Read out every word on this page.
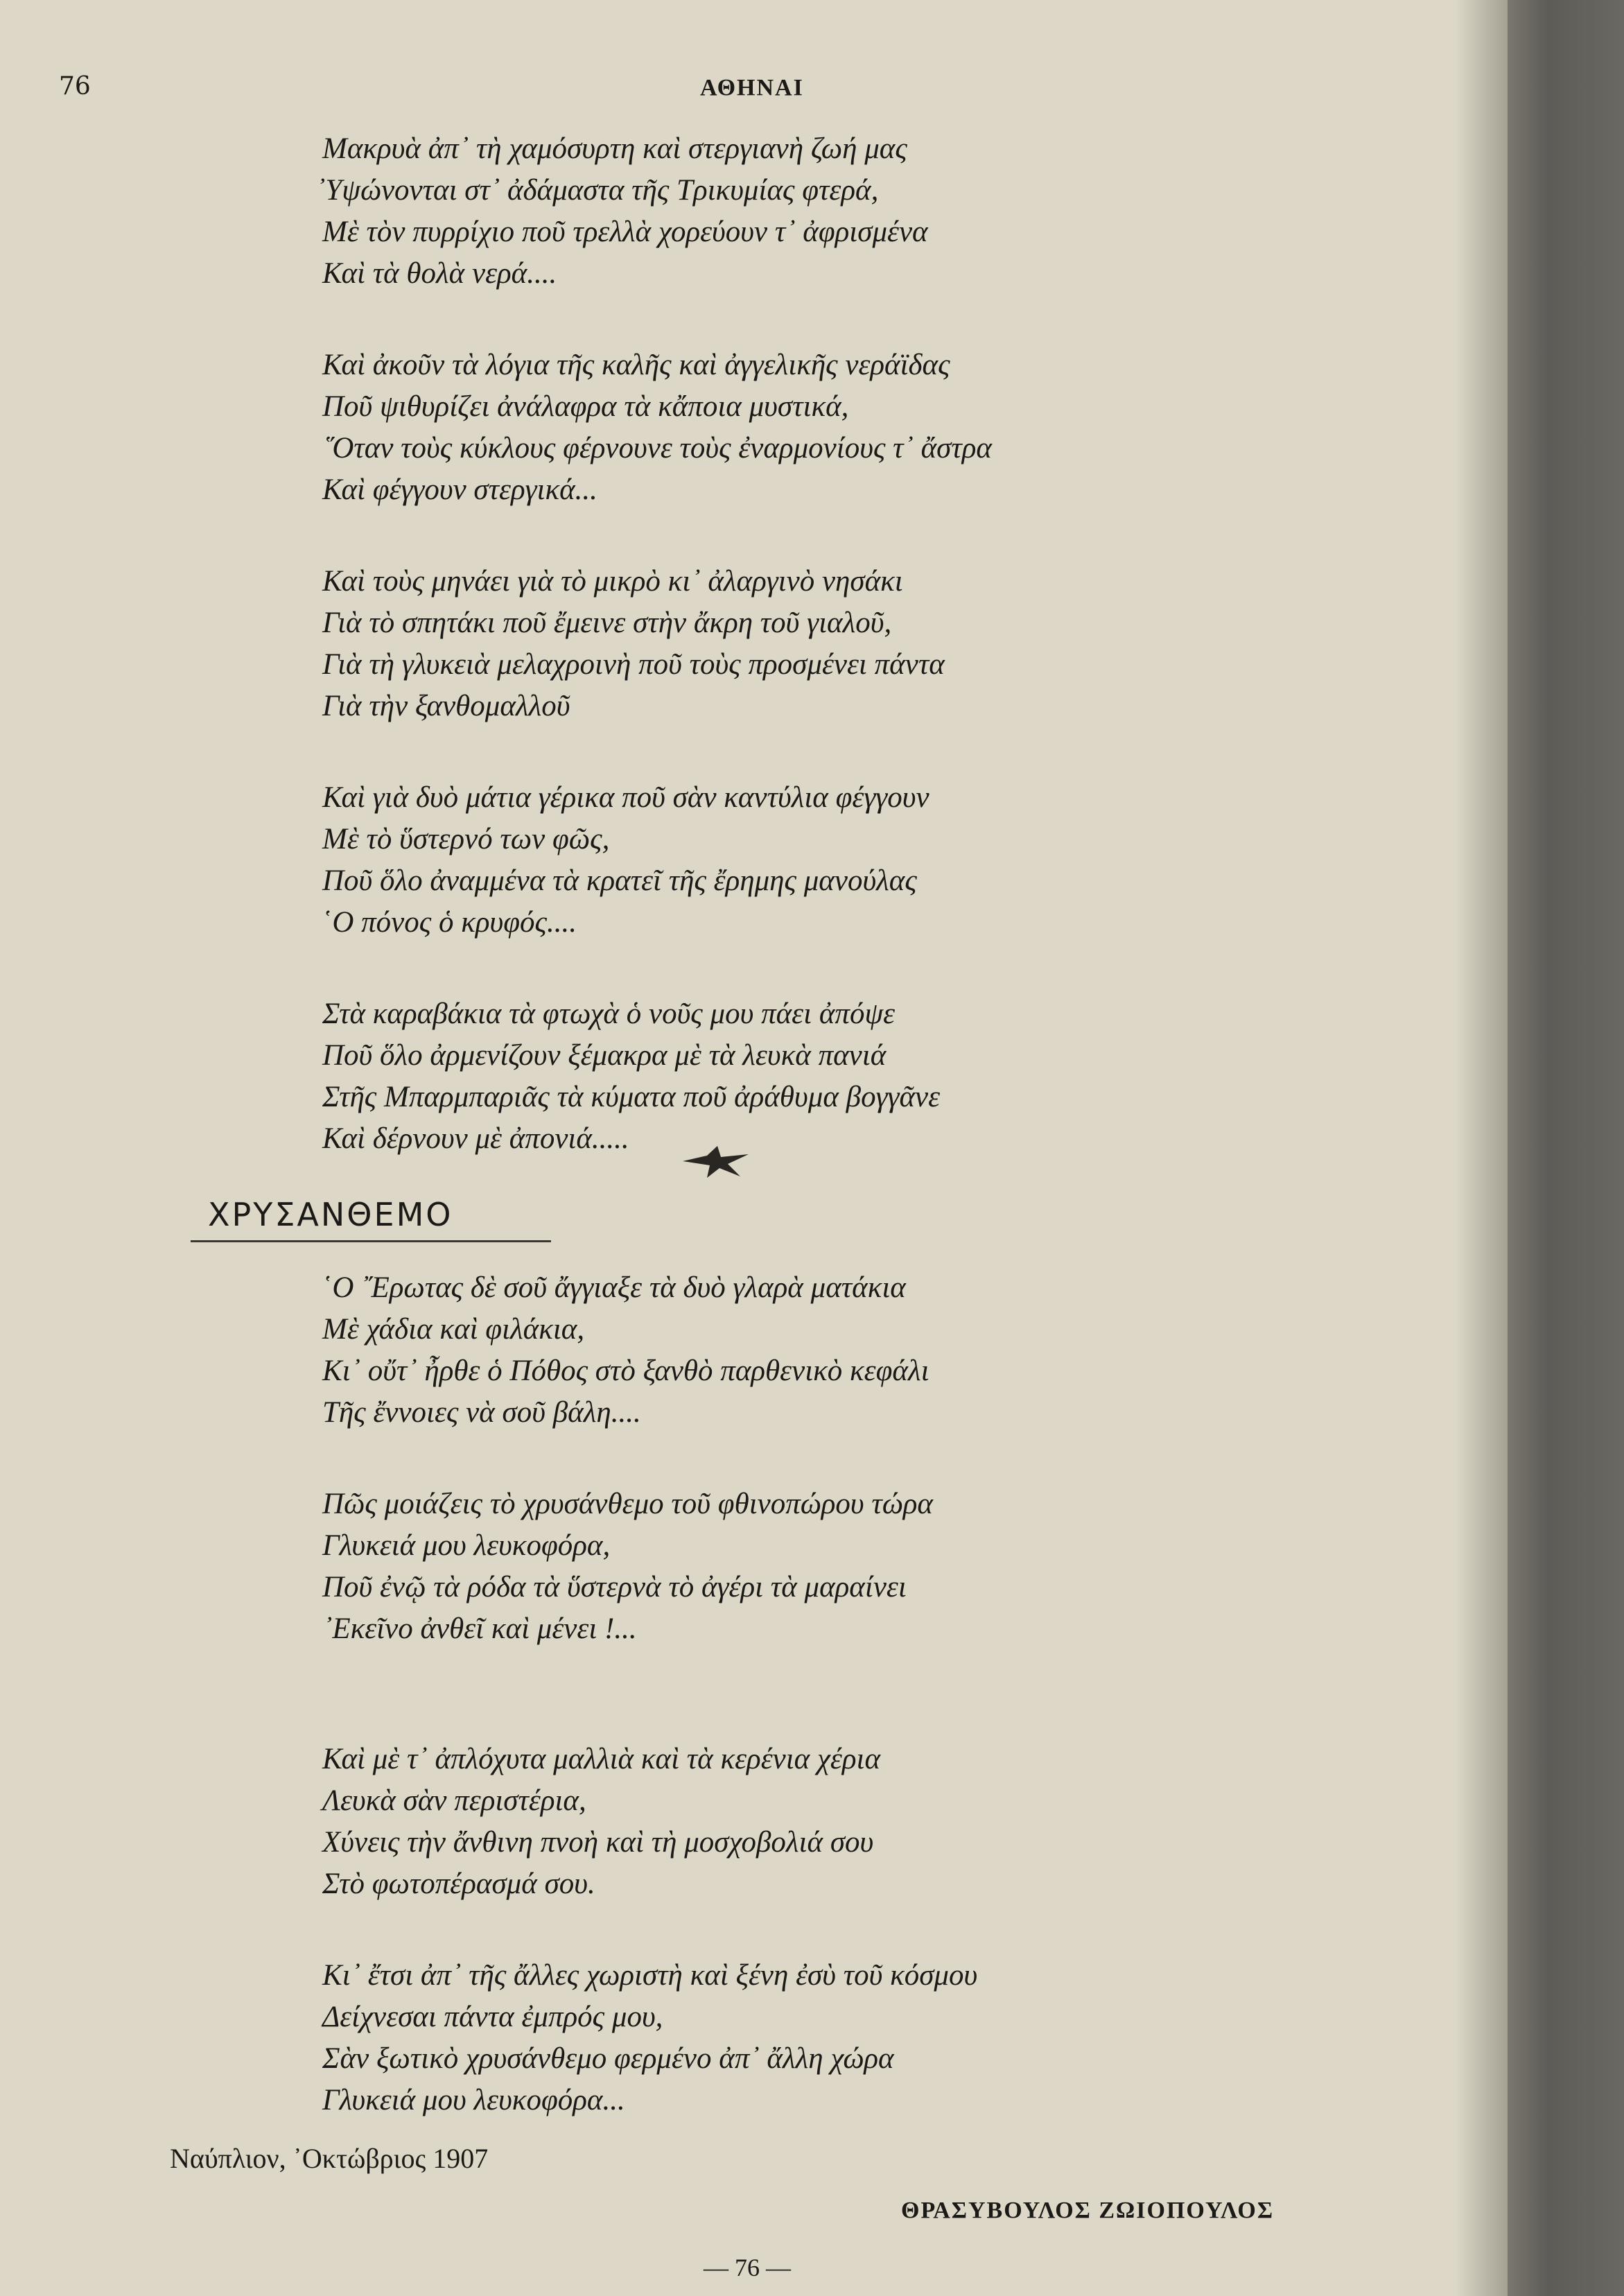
76	ΑΘΗΝΑΙ
Μακρυὰ ἀπ᾽ τὴ χαμόσυρτη καὶ στεργιανὴ ζωή μας
᾽Υψώνονται στ᾽ ἀδάμαστα τῆς Τρικυμίας φτερά,
Μὲ τὸν πυρρίχιο ποῦ τρελλὰ χορεύουν τ᾽ ἀφρισμένα
Καὶ τὰ θολὰ νερά....
Καὶ ἀκοῦν τὰ λόγια τῆς καλῆς καὶ ἀγγελικῆς νεράϊδας
Ποῦ ψιθυρίζει ἀνάλαφρα τὰ κἄποια μυστικά,
῞Οταν τοὺς κύκλους φέρνουνε τοὺς ἐναρμονίους τ᾽ ἄστρα
Καὶ φέγγουν στεργικά...
Καὶ τοὺς μηνάει γιὰ τὸ μικρὸ κι᾽ ἀλαργινὸ νησάκι
Γιὰ τὸ σπητάκι ποῦ ἔμεινε στὴν ἄκρη τοῦ γιαλοῦ,
Γιὰ τὴ γλυκειὰ μελαχροινὴ ποῦ τοὺς προσμένει πάντα
Γιὰ τὴν ξανθομαλλοῦ
Καὶ γιὰ δυὸ μάτια γέρικα ποῦ σὰν καντύλια φέγγουν
Μὲ τὸ ὕστερνό των φῶς,
Ποῦ ὅλο ἀναμμένα τὰ κρατεῖ τῆς ἔρημης μανούλας
῾Ο πόνος ὁ κρυφός....
Στὰ καραβάκια τὰ φτωχὰ ὁ νοῦς μου πάει ἀπόψε
Ποῦ ὅλο ἀρμενίζουν ξέμακρα μὲ τὰ λευκὰ πανιά
Στῆς Μπαρμπαριᾶς τὰ κύματα ποῦ ἀράθυμα βογγᾶνε
Καὶ δέρνουν μὲ ἀπονιά.....
ΧΡΥΣΑΝΘΕΜΟ
῾Ο ῎Ερωτας δὲ σοῦ ἄγγιαξε τὰ δυὸ γλαρὰ ματάκια
Μὲ χάδια καὶ φιλάκια,
Κι᾽ οὔτ᾽ ἦρθε ὁ Πόθος στὸ ξανθὸ παρθενικὸ κεφάλι
Τῆς ἔννοιες νὰ σοῦ βάλη....
Πῶς μοιάζεις τὸ χρυσάνθεμο τοῦ φθινοπώρου τώρα
Γλυκειά μου λευκοφόρα,
Ποῦ ἐνῷ τὰ ρόδα τὰ ὕστερνὰ τὸ ἀγέρι τὰ μαραίνει
᾽Εκεῖνο ἀνθεῖ καὶ μένει !...
Καὶ μὲ τ᾽ ἀπλόχυτα μαλλιὰ καὶ τὰ κερένια χέρια
Λευκὰ σὰν περιστέρια,
Χύνεις τὴν ἄνθινη πνοὴ καὶ τὴ μοσχοβολιά σου
Στὸ φωτοπέρασμά σου.
Κι᾽ ἔτσι ἀπ᾽ τῆς ἄλλες χωριστὴ καὶ ξένη ἐσὺ τοῦ κόσμου
Δείχνεσαι πάντα ἐμπρός μου,
Σὰν ξωτικὸ χρυσάνθεμο φερμένο ἀπ᾽ ἄλλη χώρα
Γλυκειά μου λευκοφόρα...
Ναύπλιον, ᾽Οκτώβριος 1907
ΘΡΑΣΥΒΟΥΛΟΣ ΖΩΙΟΠΟΥΛΟΣ
— 76 —
